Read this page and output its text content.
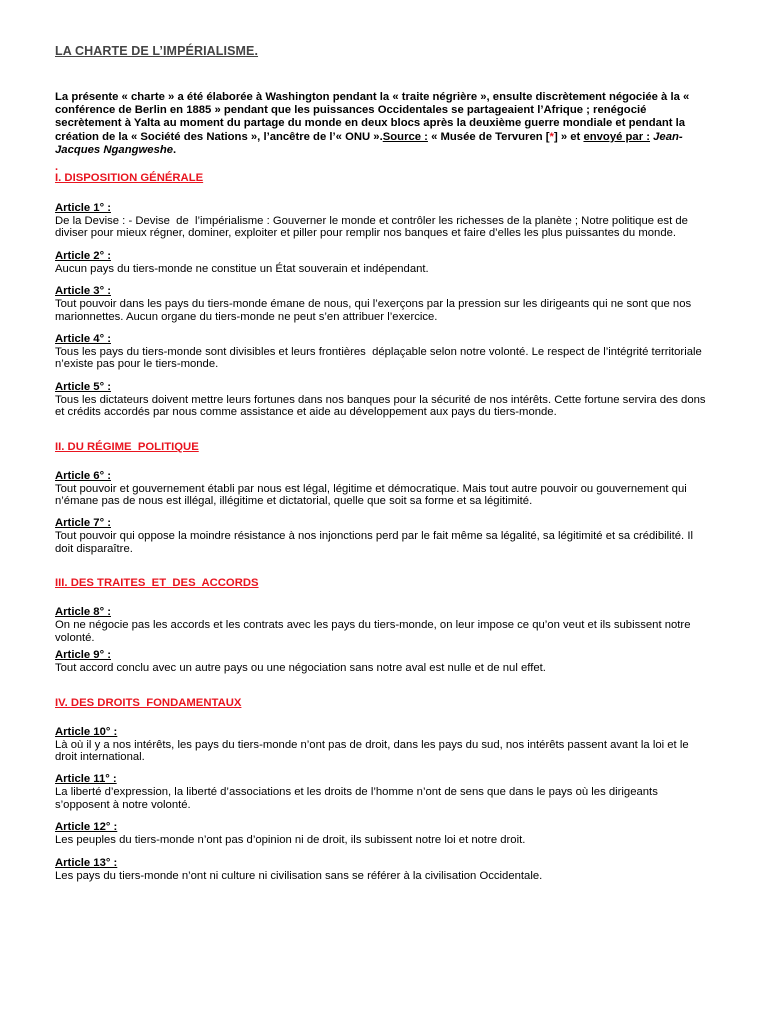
LA CHARTE DE L’IMPÉRIALISME.

La présente « charte » a été élaborée à Washington pendant la « traite négrière », ensulte discrètement négociée à la « conférence de Berlin en 1885 » pendant que les puissances Occidentales se partageaient l’Afrique ; renégocié secrètement à Yalta au moment du partage du monde en deux blocs après la deuxième guerre mondiale et pendant la création de la « Société des Nations », l’ancêtre de l’« ONU ».Source : « Musée de Tervuren [*] » et envoyé par : Jean-Jacques Ngangweshe.

.
I. DISPOSITION GÉNÉRALE

Article 1° :

De la Devise : - Devise  de  l’impérialisme : Gouverner le monde et contrôler les richesses de la planète ; Notre politique est de diviser pour mieux régner, dominer, exploiter et piller pour remplir nos banques et faire d’elles les plus puissantes du monde.

Article 2° :

Aucun pays du tiers-monde ne constitue un État souverain et indépendant.

Article 3° :

Tout pouvoir dans les pays du tiers-monde émane de nous, qui l’exerçons par la pression sur les dirigeants qui ne sont que nos marionnettes. Aucun organe du tiers-monde ne peut s’en attribuer l’exercice.

Article 4° :

Tous les pays du tiers-monde sont divisibles et leurs frontières  déplaçable selon notre volonté. Le respect de l’intégrité territoriale n’existe pas pour le tiers-monde.

Article 5° :

Tous les dictateurs doivent mettre leurs fortunes dans nos banques pour la sécurité de nos intérêts. Cette fortune servira des dons et crédits accordés par nous comme assistance et aide au développement aux pays du tiers-monde.

II. DU RÉGIME  POLITIQUE

Article 6° :

Tout pouvoir et gouvernement établi par nous est légal, légitime et démocratique. Mais tout autre pouvoir ou gouvernement qui n’émane pas de nous est illégal, illégitime et dictatorial, quelle que soit sa forme et sa légitimité.

Article 7° :

Tout pouvoir qui oppose la moindre résistance à nos injonctions perd par le fait même sa légalité, sa légitimité et sa crédibilité. Il doit disparaître.

III. DES TRAITES  ET  DES  ACCORDS

Article 8° :

On ne négocie pas les accords et les contrats avec les pays du tiers-monde, on leur impose ce qu’on veut et ils subissent notre volonté.

Article 9° :

Tout accord conclu avec un autre pays ou une négociation sans notre aval est nulle et de nul effet.

IV. DES DROITS  FONDAMENTAUX

Article 10° :

Là où il y a nos intérêts, les pays du tiers-monde n’ont pas de droit, dans les pays du sud, nos intérêts passent avant la loi et le droit international.

Article 11° :

La liberté d’expression, la liberté d’associations et les droits de l’homme n’ont de sens que dans le pays où les dirigeants s’opposent à notre volonté.

Article 12° :

Les peuples du tiers-monde n’ont pas d’opinion ni de droit, ils subissent notre loi et notre droit.

Article 13° :

Les pays du tiers-monde n’ont ni culture ni civilisation sans se référer à la civilisation Occidentale.
